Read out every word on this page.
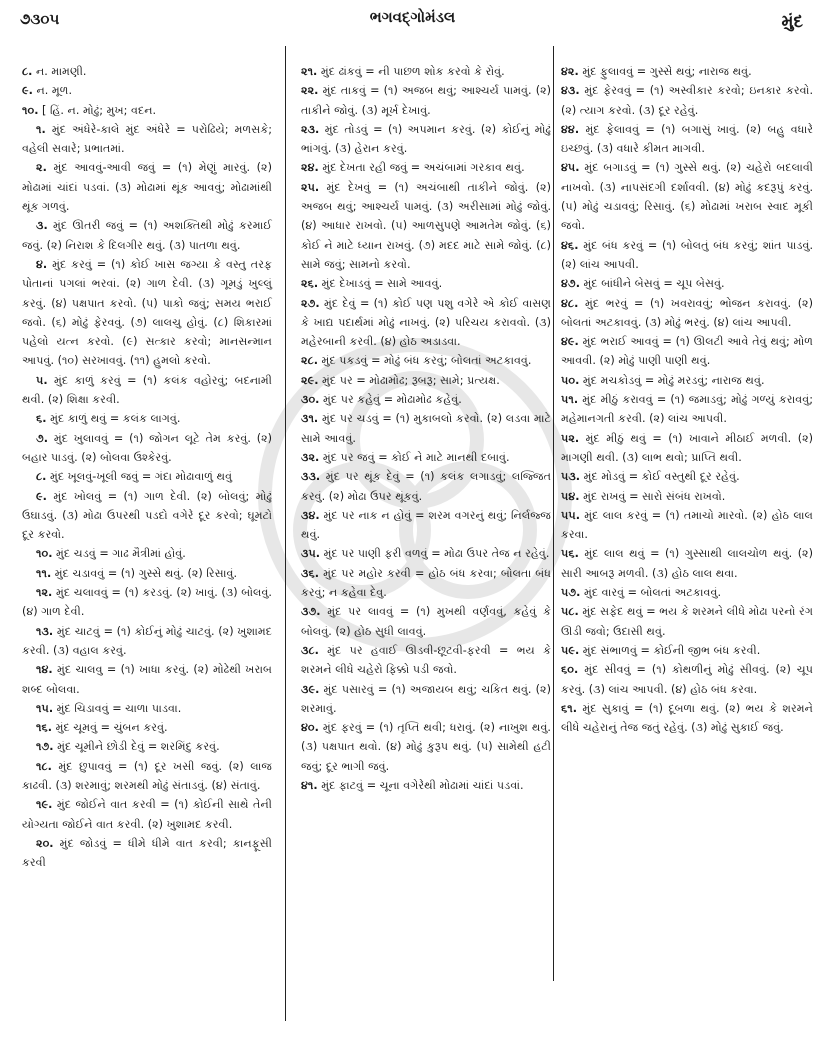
૭૩૦૫	ભગવદ્ગોમંડલ	મુંદ

૮. ન. મામણી.

૯. ન. મૂળ.

૧૦. [ હિં. ન. મોઢું; મુખ; વદન.

૧. મુંદ અંધેરે-કાલે મુંદ અંધેરે = પરોઢિયે; મળસકે; વહેલી સવારે; પ્રભાતમાં.

૨. મુંદ આવવું-આવી જવું = (૧) મેણું મારવું. (૨) મોઢામાં ચાંદાં પડવાં. (૩) મોઢામાં થૂંક આવવું; મોઢામાંથી થૂંક ગળવું.

૩. મુંદ ઊતરી જવું = (૧) અશક્તિથી મોઢું કરમાઈ જવું. (૨) નિરાશ કે દિલગીર થવું. (૩) પાતળા થવું.

૪. મુંદ કરવું = (૧) કોઈ ખાસ જગ્યા કે વસ્તુ તરફ પોતાનાં પગલાં ભરવાં. (૨) ગાળ દેવી. (૩) ગૂમડું ખુલ્લું કરવું. (૪) પક્ષપાત કરવો. (૫) પાકો જવું; સમય ભરાઈ જવો. (૬) મોઢું ફેરવવું. (૭) લાલચુ હોવું. (૮) શિકારમાં પહેલો યત્ન કરવો. (૯) સત્કાર કરવો; માનસન્માન આપવું. (૧૦) સરખાવવું. (૧૧) હુમલો કરવો.

૫. મુંદ કાળું કરવું = (૧) કલંક વહોરવું; બદનામી થવી. (૨) શિક્ષા કરવી.

૬. મુંદ કાળું થવું = કલંક લાગવું.

૭. મુંદ ખુલાવવું = (૧) જોગન લૂટે તેમ કરવું. (૨) બહાર પાડવું. (૨) બોલવા ઉશ્કેરવું.

૮. મુંદ ખૂલવું-ખૂલી જવું = ગંદા મોઢાવાળું થવું

૯. મુંદ ખોલવું = (૧) ગાળ દેવી. (૨) બોલવું; મોઢું ઉઘાડવું. (૩) મોઢા ઉપરથી પડદો વગેરે દૂર કરવો; ઘૂમટો દૂર કરવો.

૧૦. મુંદ ચડવું = ગાઢ મૈત્રીમાં હોવું.

૧૧. મુંદ ચડાવવું = (૧) ગુસ્સે થવું. (૨) રિસાવું.

૧૨. મુંદ ચલાવવું = (૧) કરડવું. (૨) ખાવું. (૩) બોલવું. (૪) ગાળ દેવી.

૧૩. મુંદ ચાટવું = (૧) કોઈનું મોઢું ચાટવું. (૨) ખુશામદ કરવી. (૩) વહાલ કરવું.

૧૪. મુંદ ચાલવુ = (૧) ખાધા કરવું. (૨) મોઢેથી ખરાબ શબ્દ બોલવા.

૧૫. મુંદ ચિડાવવું = ચાળા પાડવા.

૧૬. મુંદ ચૂમવું = ચુંબન કરવું.

૧૭. મુંદ ચૂમીને છોડી દેવું = શરમિંદુ કરવું.

૧૮. મુંદ છુપાવવું = (૧) દૂર ખસી જવું. (૨) લાજ કાઢવી. (૩) શરમાવું; શરમથી મોઢું સંતાડવું. (૪) સંતાવું.

૧૯. મુંદ જોઈને વાત કરવી = (૧) કોઈની સાથે તેની યોગ્યતા જોઈને વાત કરવી. (૨) ખુશામદ કરવી.

૨૦. મુંદ જોડવું = ધીમે ધીમે વાત કરવી; કાનફૂસી કરવી

૨૧. મુંદ ઢાંકવું = ની પાછળ શોક કરવો કે રોવું.

૨૨. મુંદ તાકવું = (૧) અજબ થવું; આશ્ચર્ય પામવું. (૨) તાકીને જોવું. (૩) મૂર્ખ દેખાવું.

૨૩. મુંદ તોડવું = (૧) અપમાન કરવું. (૨) કોઈનું મોઢું ભાંગવું. (૩) હેરાન કરવું.

૨૪. મુંદ દેખતા રહી જવું = અચંબામાં ગરકાવ થવું.

૨૫. મુંદ દેખવું = (૧) અચંબાથી તાકીને જોવું. (૨) અજબ થવું; આશ્ચર્ય પામવું. (૩) અરીસામાં મોઢું જોવું. (૪) આધાર રાખવો. (૫) આળસુપણે આમતેમ જોવું. (૬) કોઈ ને માટે ધ્યાન રાખવું. (૭) મદદ માટે સામે જોવું. (૮) સામે જવું; સામનો કરવો.

૨૬. મુંદ દેખાડવું = સામે આવવું.

૨૭. મુંદ દેવું = (૧) કોઈ પણ પશુ વગેરે એ કોઈ વાસણ કે ખાદ્ય પદાર્થમાં મોઢું નાખવું. (૨) પરિચય કરાવવો. (૩) મહેરબાની કરવી. (૪) હોઠ અડાડવા.

૨૮. મુંદ પકડવું = મોઢું બંધ કરવું; બોલતાં અટકાવવું.

૨૯. મુંદ પર = મોઢામોઢ; રૂબરૂ; સામે; પ્રત્યક્ષ.

૩૦. મુંદ પર કહેવું = મોઢામોઢ કહેવું.

૩૧. મુંદ પર ચડવું = (૧) મુકાબલો કરવો. (૨) લડવા માટે સામે આવવું.

૩૨. મુંદ પર જવું = કોઈ ને માટે માનથી દબાવું.

૩૩. મુંદ પર થૂંક દેવું = (૧) કલંક લગાડવું; લજ્જિત કરવું. (૨) મોઢા ઉપર થૂંકવું.

૩૪. મુંદ પર નાક ન હોવું = શરમ વગરનું થવું; નિર્લજ્જ થવું.

૩૫. મુંદ પર પાણી ફરી વળવું = મોઢા ઉપર તેજ ન રહેવું.

૩૬. મુંદ પર મહોર કરવી = હોઠ બંધ કરવા; બોલતા બંધ કરવું; ન કહેવા દેવુ.

૩૭. મુંદ પર લાવવું = (૧) મુખથી વર્ણવવું, કહેવું કે બોલવું. (૨) હોઠ સુધી લાવવું.

૩૮. મુંદ પર હવાઈ ઊડવી-છૂટવી-ફરવી = ભય કે શરમને લીધે ચહેરો ફિક્કો પડી જવો.

૩૯. મુંદ પસારવું = (૧) અજાયબ થવું; ચકિત થવું. (૨) શરમાવું.

૪૦. મુંદ ફરવું = (૧) તૃપ્તિ થવી; ધરાવું. (૨) નાખુશ થવું. (૩) પક્ષપાત થવો. (૪) મોઢું કુરૂપ થવું. (૫) સામેથી હટી જવું; દૂર ભાગી જવું.

૪૧. મુંદ ફાટવું = ચૂના વગેરેથી મોઢામાં ચાંદાં પડવાં.

૪૨. મુંદ ફુલાવવું = ગુસ્સે થવું; નારાજ થવું.

૪૩. મુંદ ફેરવવું = (૧) અસ્વીકાર કરવો; ઇનકાર કરવો. (૨) ત્યાગ કરવો. (૩) દૂર રહેવું.

૪૪. મુંદ ફેલાવવું = (૧) બગાસું ખાવું. (૨) બહુ વધારે ઇચ્છવું. (૩) વધારે કીમત માગવી.

૪૫. મુંદ બગાડવું = (૧) ગુસ્સે થવું. (૨) ચહેરો બદલાવી નાખવો. (૩) નાપસંદગી દર્શાવવી. (૪) મોઢું કદરૂપું કરવું. (૫) મોઢું ચડાવવું; રિસાવું. (૬) મોઢામાં ખરાબ સ્વાદ મૂકી જવો.

૪૬. મુંદ બંધ કરવું = (૧) બોલતું બંધ કરવું; શાંત પાડવું. (૨) લાંચ આપવી.

૪૭. મુંદ બાંધીને બેસવું = ચૂપ બેસવું.

૪૮. મુંદ ભરવું = (૧) ખવરાવવું; ભોજન કરાવવું. (૨) બોલતાં અટકાવવું. (૩) મોઢું ભરવું. (૪) લાંચ આપવી.

૪૯. મુંદ ભરાઈ આવવું = (૧) ઊલટી આવે તેવું થવું; મોળ આવવી. (૨) મોઢું પાણી પાણી થવું.

૫૦. મુંદ મચકોડવું = મોઢું મરડવું; નારાજ થવું.

૫૧. મુંદ મીઠું કરાવવું = (૧) જમાડવું; મોઢું ગળ્યું કરાવવું; મહેમાનગતી કરવી. (૨) લાંચ આપવી.

૫૨. મુંદ મીઠું થવું = (૧) ખાવાને મીઠાઈ મળવી. (૨) માગણી થવી. (૩) લાભ થવો; પ્રાપ્તિ થવી.

૫૩. મુંદ મોડવું = કોઈ વસ્તુથી દૂર રહેવું.

૫૪. મુંદ રાખવું = સારો સંબંધ રાખવો.

૫૫. મુંદ લાલ કરવું = (૧) તમાચો મારવો. (૨) હોઠ લાલ કરવા.

૫૬. મુંદ લાલ થવું = (૧) ગુસ્સાથી લાલચોળ થવું. (૨) સારી આબરૂ મળવી. (૩) હોઠ લાલ થવા.

૫૭. મુંદ વારવું = બોલતાં અટકાવવું.

૫૮. મુંદ સફેદ થવું = ભય કે શરમને લીધે મોઢા પરનો રંગ ઊડી જવો; ઉદાસી થવું.

૫૯. મુંદ સંભાળવું = કોઈની જીભ બંધ કરવી.

૬૦. મુંદ સીવવું = (૧) કોથળીનું મોઢું સીવવું. (૨) ચૂપ કરવું. (૩) લાંચ આપવી. (૪) હોઠ બંધ કરવા.

૬૧. મુંદ સુકાવું = (૧) દૂબળા થવું. (૨) ભય કે શરમને લીધે ચહેરાનું તેજ જતું રહેવું. (૩) મોઢું સુકાઈ જવું.
